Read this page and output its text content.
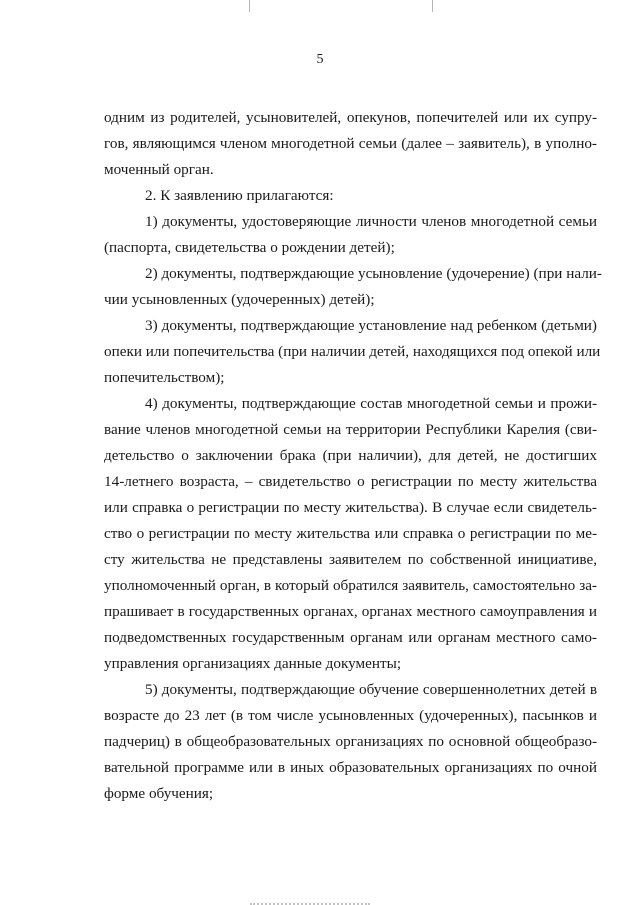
5
одним из родителей, усыновителей, опекунов, попечителей или их супру-
гов, являющимся членом многодетной семьи (далее – заявитель), в уполно-
моченный орган.
2. К заявлению прилагаются:
1) документы, удостоверяющие личности членов многодетной семьи
(паспорта, свидетельства о рождении детей);
2) документы, подтверждающие усыновление (удочерение) (при нали-
чии усыновленных (удочеренных) детей);
3) документы, подтверждающие установление над ребенком (детьми)
опеки или попечительства (при наличии детей, находящихся под опекой или
попечительством);
4) документы, подтверждающие состав многодетной семьи и прожи-
вание членов многодетной семьи на территории Республики Карелия (сви-
детельство о заключении брака (при наличии), для детей, не достигших
14-летнего возраста, – свидетельство о регистрации по месту жительства
или справка о регистрации по месту жительства). В случае если свидетель-
ство о регистрации по месту жительства или справка о регистрации по ме-
сту жительства не представлены заявителем по собственной инициативе,
уполномоченный орган, в который обратился заявитель, самостоятельно за-
прашивает в государственных органах, органах местного самоуправления и
подведомственных государственным органам или органам местного само-
управления организациях данные документы;
5) документы, подтверждающие обучение совершеннолетних детей в
возрасте до 23 лет (в том числе усыновленных (удочеренных), пасынков и
падчериц) в общеобразовательных организациях по основной общеобразо-
вательной программе или в иных образовательных организациях по очной
форме обучения;
